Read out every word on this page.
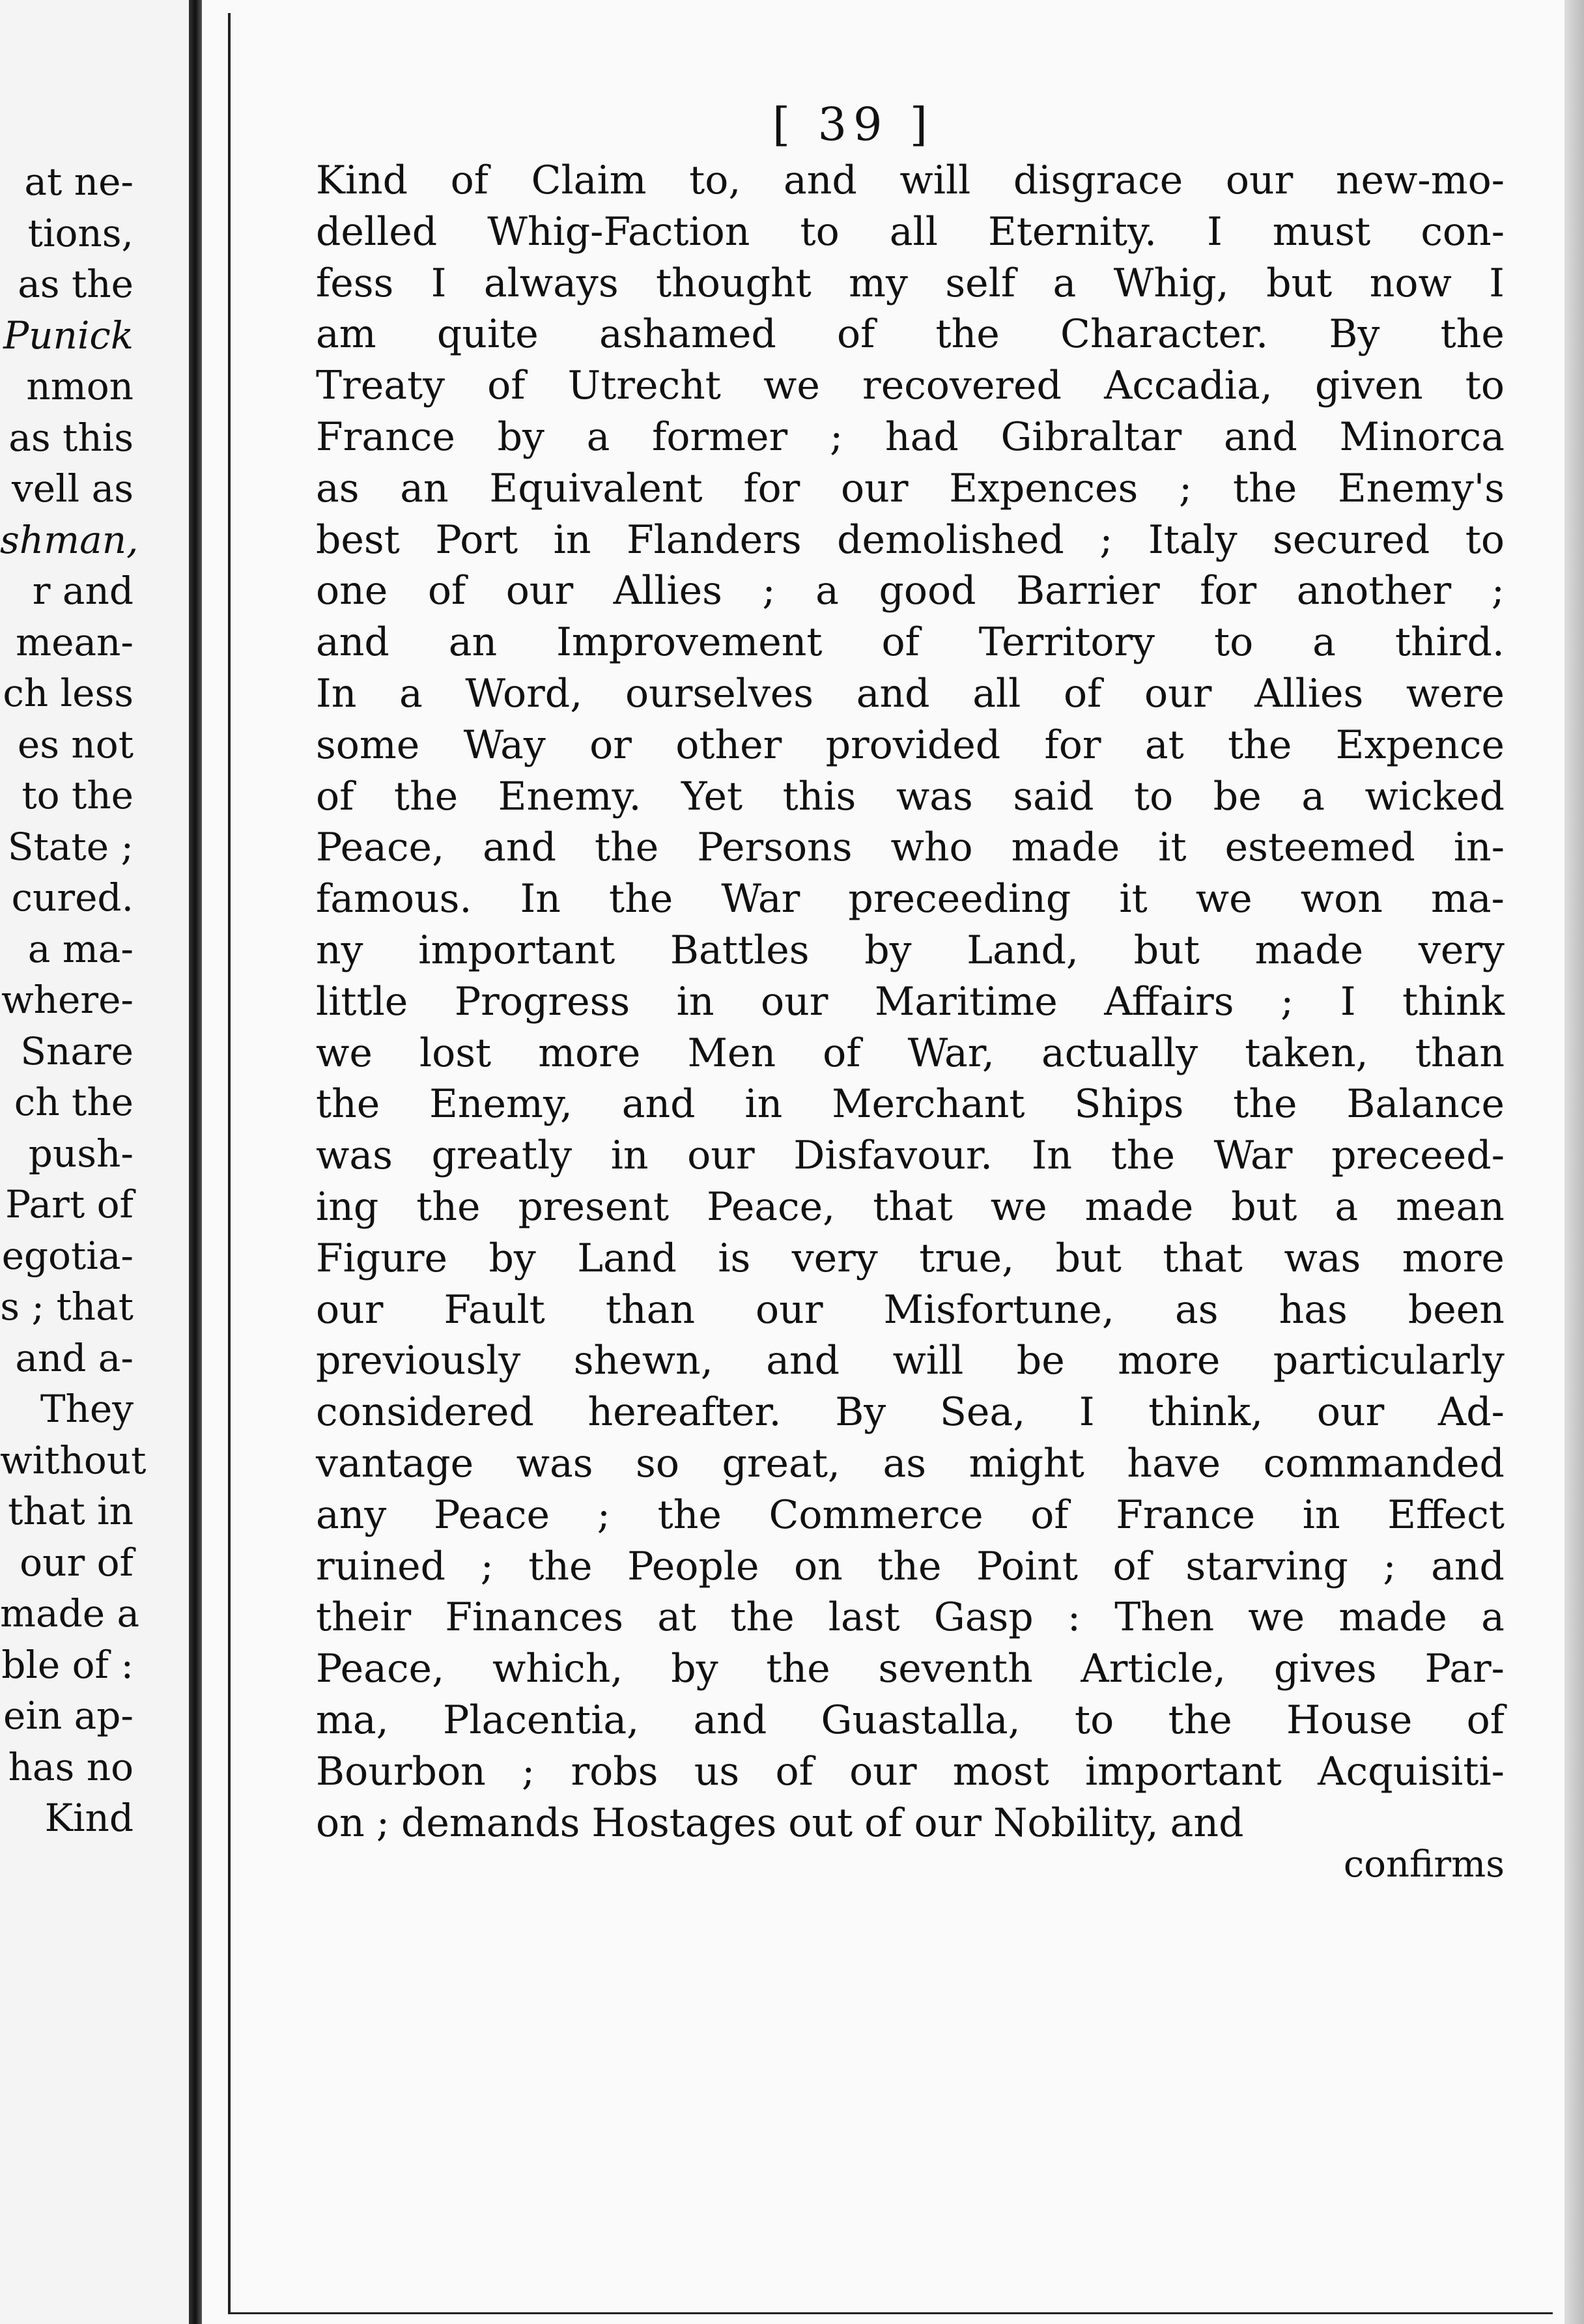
at ne-
tions,
as the
Punick
nmon
as this
vell as
shman,
r and
mean-
ch less
es not
to the
State ;
cured.
a ma-
where-
Snare
ch the
push-
Part of
egotia-
s ; that
and a-
They
without
that in
our of
made a
ble of :
ein ap-
has no
Kind
[ 39 ]
Kind of Claim to, and will disgrace our new-mo-
delled Whig-Faction to all Eternity. I must con-
fess I always thought my self a Whig, but now I
am quite ashamed of the Character. By the
Treaty of Utrecht we recovered Accadia, given to
France by a former ; had Gibraltar and Minorca
as an Equivalent for our Expences ; the Enemy's
best Port in Flanders demolished ; Italy secured to
one of our Allies ; a good Barrier for another ;
and an Improvement of Territory to a third.
In a Word, ourselves and all of our Allies were
some Way or other provided for at the Expence
of the Enemy. Yet this was said to be a wicked
Peace, and the Persons who made it esteemed in-
famous. In the War preceeding it we won ma-
ny important Battles by Land, but made very
little Progress in our Maritime Affairs ; I think
we lost more Men of War, actually taken, than
the Enemy, and in Merchant Ships the Balance
was greatly in our Disfavour. In the War preceed-
ing the present Peace, that we made but a mean
Figure by Land is very true, but that was more
our Fault than our Misfortune, as has been
previously shewn, and will be more particularly
considered hereafter. By Sea, I think, our Ad-
vantage was so great, as might have commanded
any Peace ; the Commerce of France in Effect
ruined ; the People on the Point of starving ; and
their Finances at the last Gasp : Then we made a
Peace, which, by the seventh Article, gives Par-
ma, Placentia, and Guastalla, to the House of
Bourbon ; robs us of our most important Acquisiti-
on ; demands Hostages out of our Nobility, and
confirms
